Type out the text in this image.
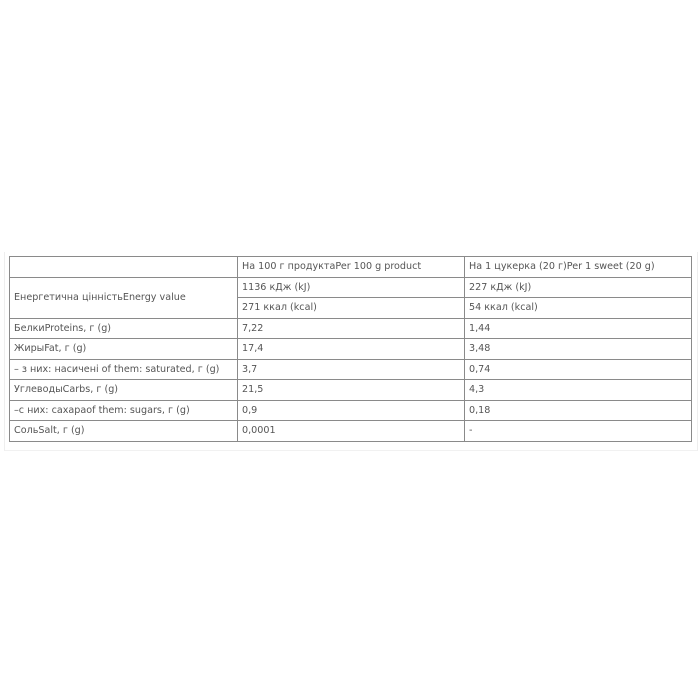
	На 100 г продуктаPer 100 g product	На 1 цукерка (20 г)Per 1 sweet (20 g)
Енергетична цінністьEnergy value	1136 кДж (kJ)	227 кДж (kJ)
	271 ккал (kcal)	54 ккал (kcal)
БелкиProteins, г (g)	7,22	1,44
ЖирыFat, г (g)	17,4	3,48
– з них: насичені of them: saturated, г (g)	3,7	0,74
УглеводыCarbs, г (g)	21,5	4,3
–с них: сахараof them: sugars, г (g)	0,9	0,18
СольSalt, г (g)	0,0001	-
